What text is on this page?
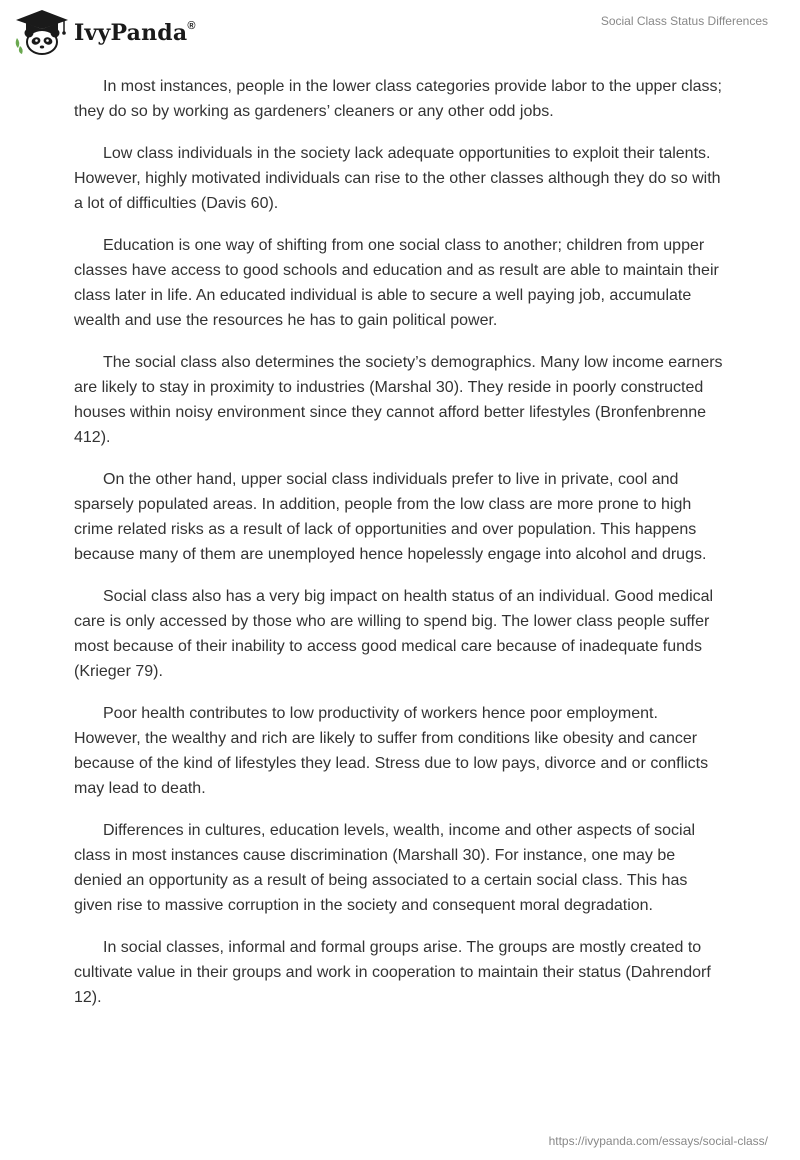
IvyPanda®	Social Class Status Differences

In most instances, people in the lower class categories provide labor to the upper class; they do so by working as gardeners’ cleaners or any other odd jobs.

Low class individuals in the society lack adequate opportunities to exploit their talents. However, highly motivated individuals can rise to the other classes although they do so with a lot of difficulties (Davis 60).

Education is one way of shifting from one social class to another; children from upper classes have access to good schools and education and as result are able to maintain their class later in life. An educated individual is able to secure a well paying job, accumulate wealth and use the resources he has to gain political power.

The social class also determines the society’s demographics. Many low income earners are likely to stay in proximity to industries (Marshal 30). They reside in poorly constructed houses within noisy environment since they cannot afford better lifestyles (Bronfenbrenne 412).

On the other hand, upper social class individuals prefer to live in private, cool and sparsely populated areas. In addition, people from the low class are more prone to high crime related risks as a result of lack of opportunities and over population. This happens because many of them are unemployed hence hopelessly engage into alcohol and drugs.

Social class also has a very big impact on health status of an individual. Good medical care is only accessed by those who are willing to spend big. The lower class people suffer most because of their inability to access good medical care because of inadequate funds (Krieger 79).

Poor health contributes to low productivity of workers hence poor employment. However, the wealthy and rich are likely to suffer from conditions like obesity and cancer because of the kind of lifestyles they lead. Stress due to low pays, divorce and or conflicts may lead to death.

Differences in cultures, education levels, wealth, income and other aspects of social class in most instances cause discrimination (Marshall 30). For instance, one may be denied an opportunity as a result of being associated to a certain social class. This has given rise to massive corruption in the society and consequent moral degradation.

In social classes, informal and formal groups arise. The groups are mostly created to cultivate value in their groups and work in cooperation to maintain their status (Dahrendorf 12).

https://ivypanda.com/essays/social-class/
